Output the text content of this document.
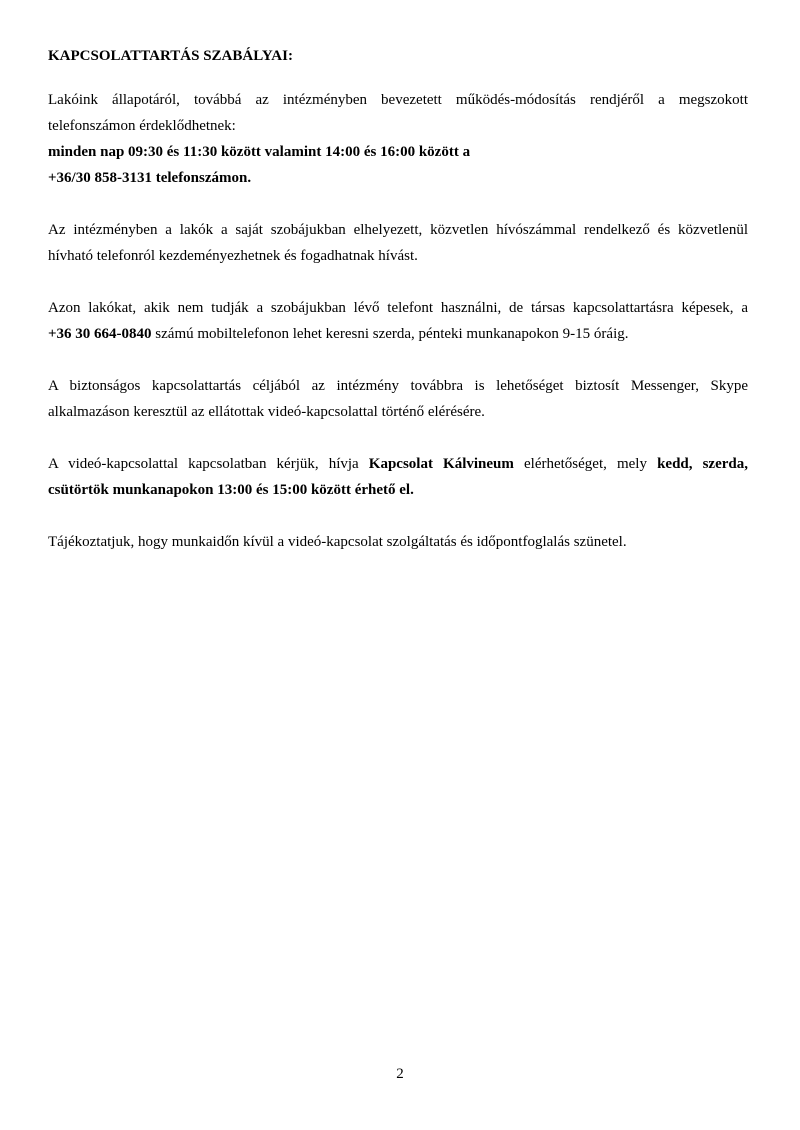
KAPCSOLATTARTÁS SZABÁLYAI:
Lakóink állapotáról, továbbá az intézményben bevezetett működés-módosítás rendjéről a megszokott
telefonszámon érdeklődhetnek:
minden nap 09:30 és 11:30 között valamint 14:00 és 16:00 között a
+36/30 858-3131 telefonszámon.
Az intézményben a lakók a saját szobájukban elhelyezett, közvetlen hívószámmal rendelkező és közvetlenül
hívható telefonról kezdeményezhetnek és fogadhatnak hívást.
Azon lakókat, akik nem tudják a szobájukban lévő telefont használni, de társas kapcsolattartásra képesek, a
+36 30 664-0840 számú mobiltelefonon lehet keresni szerda, pénteki munkanapokon 9-15 óráig.
A biztonságos kapcsolattartás céljából az intézmény továbbra is lehetőséget biztosít Messenger, Skype
alkalmazáson keresztül az ellátottak videó-kapcsolattal történő elérésére.
A videó-kapcsolattal kapcsolatban kérjük, hívja Kapcsolat Kálvineum elérhetőséget, mely kedd, szerda,
csütörtök munkanapokon 13:00 és 15:00 között érhető el.
Tájékoztatjuk, hogy munkaidőn kívül a videó-kapcsolat szolgáltatás és időpontfoglalás szünetel.
2
